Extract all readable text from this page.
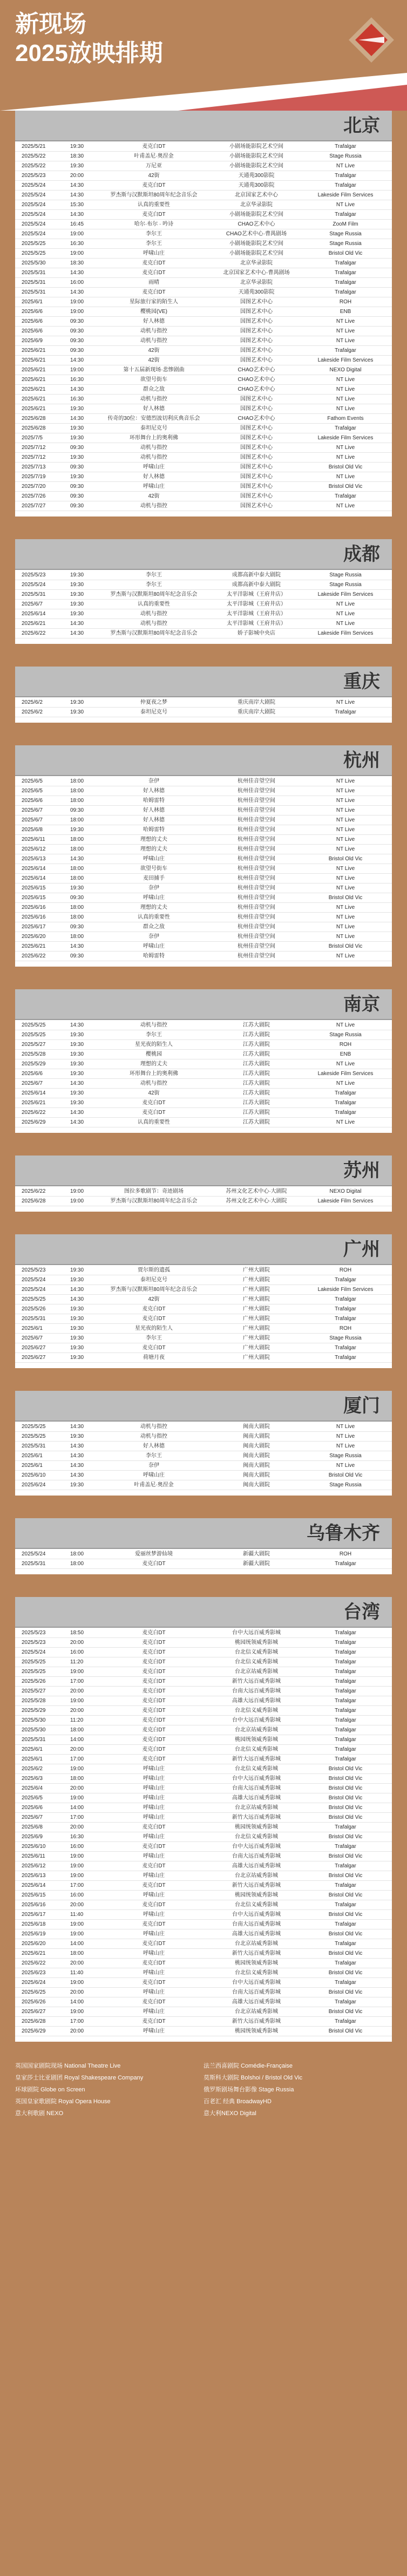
新现场
2025放映排期
北京
2025/5/21	19:30	麦克白DT	小剧场能影院艺术空间	Trafalgar
2025/5/22	18:30	叶甫盖尼·奥涅金	小剧场能影院艺术空间	Stage Russia
2025/5/22	19:30	万尼亚	小剧场能影院艺术空间	NT Live
2025/5/23	20:00	42街	天通苑300影院	Trafalgar
2025/5/24	14:30	麦克白DT	天通苑300影院	Trafalgar
2025/5/24	14:30	罗杰斯与汉默斯坦80周年纪念音乐会	北京国家艺术中心	Lakeside Film Services
2025/5/24	15:30	认真的重要性	北京华录影院	NT Live
2025/5/24	14:30	麦克白DT	小剧场能影院艺术空间	Trafalgar
2025/5/24	16:45	哈尔·布尔 · 吟诗	CHAO艺术中心	ZooM Film
2025/5/24	19:00	李尔王	CHAO艺术中心·曹禺剧场	Stage Russia
2025/5/25	16:30	李尔王	小剧场能影院艺术空间	Stage Russia
2025/5/25	19:00	呼啸山庄	小剧场能影院艺术空间	Bristol Old Vic
2025/5/30	18:30	麦克白DT	北京华录影院	Trafalgar
2025/5/31	14:30	麦克白DT	北京国家艺术中心·曹禺剧场	Trafalgar
2025/5/31	16:00	雨晴	北京华录影院	Trafalgar
2025/5/31	14:30	麦克白DT	天通苑300影院	Trafalgar
2025/6/1	19:00	星际旅行家的陌生人	国图艺术中心	ROH
2025/6/6	19:00	樱桃园(VE)	国图艺术中心	ENB
2025/6/6	09:30	好人林德	国图艺术中心	NT Live
2025/6/6	09:30	动机与指控	国图艺术中心	NT Live
2025/6/9	09:30	动机与指控	国图艺术中心	NT Live
2025/6/21	09:30	42街	国图艺术中心	Trafalgar
2025/6/21	14:30	42街	国图艺术中心	Lakeside Film Services
2025/6/21	19:00	第十五届新现场·悲惨剧曲	CHAO艺术中心	NEXO Digital
2025/6/21	16:30	欲望号街车	CHAO艺术中心	NT Live
2025/6/21	14:30	群众之敌	CHAO艺术中心	NT Live
2025/6/21	16:30	动机与指控	国图艺术中心	NT Live
2025/6/21	19:30	好人林德	国图艺术中心	NT Live
2025/6/28	14:30	传奇的30位：安德烈波切利庆典音乐会	CHAO艺术中心	Fathom Events
2025/6/28	19:30	泰坦尼克号	国图艺术中心	Trafalgar
2025/7/5	19:30	环形舞台上的奥利佛	国图艺术中心	Lakeside Film Services
2025/7/12	09:30	动机与指控	国图艺术中心	NT Live
2025/7/12	19:30	动机与指控	国图艺术中心	NT Live
2025/7/13	09:30	呼啸山庄	国图艺术中心	Bristol Old Vic
2025/7/19	19:30	好人林德	国图艺术中心	NT Live
2025/7/20	09:30	呼啸山庄	国图艺术中心	Bristol Old Vic
2025/7/26	09:30	42街	国图艺术中心	Trafalgar
2025/7/27	09:30	动机与指控	国图艺术中心	NT Live
成都
2025/5/23	19:30	李尔王	成都高新中泰大剧院	Stage Russia
2025/5/24	19:30	李尔王	成都高新中泰大剧院	Stage Russia
2025/5/31	19:30	罗杰斯与汉默斯坦80周年纪念音乐会	太平洋影城（王府井店）	Lakeside Film Services
2025/6/7	19:30	认真的重要性	太平洋影城（王府井店）	NT Live
2025/6/14	19:30	动机与指控	太平洋影城（王府井店）	NT Live
2025/6/21	14:30	动机与指控	太平洋影城（王府井店）	NT Live
2025/6/22	14:30	罗杰斯与汉默斯坦80周年纪念音乐会	娇子影城中央店	Lakeside Film Services
重庆
2025/6/2	19:30	仲夏夜之梦	重庆南岸大剧院	NT Live
2025/6/2	19:30	泰坦尼克号	重庆南岸大剧院	Trafalgar
杭州
2025/6/5	18:00	奈伊	杭州佳音望空间	NT Live
2025/6/5	18:00	好人林德	杭州佳音望空间	NT Live
2025/6/6	18:00	哈姆雷特	杭州佳音望空间	NT Live
2025/6/7	09:30	好人林德	杭州佳音望空间	NT Live
2025/6/7	18:00	好人林德	杭州佳音望空间	NT Live
2025/6/8	19:30	哈姆雷特	杭州佳音望空间	NT Live
2025/6/11	18:00	理想的丈夫	杭州佳音望空间	NT Live
2025/6/12	18:00	理想的丈夫	杭州佳音望空间	NT Live
2025/6/13	14:30	呼啸山庄	杭州佳音望空间	Bristol Old Vic
2025/6/14	18:00	欲望号街车	杭州佳音望空间	NT Live
2025/6/14	18:00	麦田捕手	杭州佳音望空间	NT Live
2025/6/15	19:30	奈伊	杭州佳音望空间	NT Live
2025/6/15	09:30	呼啸山庄	杭州佳音望空间	Bristol Old Vic
2025/6/16	18:00	理想的丈夫	杭州佳音望空间	NT Live
2025/6/16	18:00	认真的重要性	杭州佳音望空间	NT Live
2025/6/17	09:30	群众之敌	杭州佳音望空间	NT Live
2025/6/20	18:00	奈伊	杭州佳音望空间	NT Live
2025/6/21	14:30	呼啸山庄	杭州佳音望空间	Bristol Old Vic
2025/6/22	09:30	哈姆雷特	杭州佳音望空间	NT Live
南京
2025/5/25	14:30	动机与指控	江苏大剧院	NT Live
2025/5/25	19:30	李尔王	江苏大剧院	Stage Russia
2025/5/27	19:30	星光夜的陌生人	江苏大剧院	ROH
2025/5/28	19:30	樱桃园	江苏大剧院	ENB
2025/5/29	19:30	理想的丈夫	江苏大剧院	NT Live
2025/6/6	19:30	环形舞台上的奥利佛	江苏大剧院	Lakeside Film Services
2025/6/7	14:30	动机与指控	江苏大剧院	NT Live
2025/6/14	19:30	42街	江苏大剧院	Trafalgar
2025/6/21	19:30	麦克白DT	江苏大剧院	Trafalgar
2025/6/22	14:30	麦克白DT	江苏大剧院	Trafalgar
2025/6/29	14:30	认真的重要性	江苏大剧院	NT Live
苏州
2025/6/22	19:00	图拉多歌剧节：奇迹剧场	苏州文化艺术中心·大剧院	NEXO Digital
2025/6/28	19:00	罗杰斯与汉默斯坦80周年纪念音乐会	苏州文化艺术中心·大剧院	Lakeside Film Services
广州
2025/5/23	19:30	贾尔斯的遗孤	广州大剧院	ROH
2025/5/24	19:30	泰坦尼克号	广州大剧院	Trafalgar
2025/5/24	14:30	罗杰斯与汉默斯坦80周年纪念音乐会	广州大剧院	Lakeside Film Services
2025/5/25	14:30	42街	广州大剧院	Trafalgar
2025/5/26	19:30	麦克白DT	广州大剧院	Trafalgar
2025/5/31	19:30	麦克白DT	广州大剧院	Trafalgar
2025/6/1	19:30	星光夜的陌生人	广州大剧院	ROH
2025/6/7	19:30	李尔王	广州大剧院	Stage Russia
2025/6/27	19:30	麦克白DT	广州大剧院	Trafalgar
2025/6/27	19:30	荷塘月夜	广州大剧院	Trafalgar
厦门
2025/5/25	14:30	动机与指控	闽南大剧院	NT Live
2025/5/25	19:30	动机与指控	闽南大剧院	NT Live
2025/5/31	14:30	好人林德	闽南大剧院	NT Live
2025/6/1	14:30	李尔王	闽南大剧院	Stage Russia
2025/6/1	14:30	奈伊	闽南大剧院	NT Live
2025/6/10	14:30	呼啸山庄	闽南大剧院	Bristol Old Vic
2025/6/24	19:30	叶甫盖尼·奥涅金	闽南大剧院	Stage Russia
乌鲁木齐
2025/5/24	18:00	爱丽丝梦游仙境	新疆大剧院	ROH
2025/5/31	18:00	麦克白DT	新疆大剧院	Trafalgar
台湾
2025/5/23	18:50	麦克白DT	台中大远百威秀影城	Trafalgar
2025/5/23	20:00	麦克白DT	桃园统领威秀影城	Trafalgar
2025/5/24	16:00	麦克白DT	台北信义威秀影城	Trafalgar
2025/5/25	11:20	麦克白DT	台北信义威秀影城	Trafalgar
2025/5/25	19:00	麦克白DT	台北京站威秀影城	Trafalgar
2025/5/26	17:00	麦克白DT	新竹大远百威秀影城	Trafalgar
2025/5/27	20:00	麦克白DT	台南大远百威秀影城	Trafalgar
2025/5/28	19:00	麦克白DT	高雄大远百威秀影城	Trafalgar
2025/5/29	20:00	麦克白DT	台北信义威秀影城	Trafalgar
2025/5/30	11:20	麦克白DT	台中大远百威秀影城	Trafalgar
2025/5/30	18:00	麦克白DT	台北京站威秀影城	Trafalgar
2025/5/31	14:00	麦克白DT	桃园统领威秀影城	Trafalgar
2025/6/1	20:00	麦克白DT	台北信义威秀影城	Trafalgar
2025/6/1	17:00	麦克白DT	新竹大远百威秀影城	Trafalgar
2025/6/2	19:00	呼啸山庄	台北信义威秀影城	Bristol Old Vic
2025/6/3	18:00	呼啸山庄	台中大远百威秀影城	Bristol Old Vic
2025/6/4	20:00	呼啸山庄	台南大远百威秀影城	Bristol Old Vic
2025/6/5	19:00	呼啸山庄	高雄大远百威秀影城	Bristol Old Vic
2025/6/6	14:00	呼啸山庄	台北京站威秀影城	Bristol Old Vic
2025/6/7	17:00	呼啸山庄	新竹大远百威秀影城	Bristol Old Vic
2025/6/8	20:00	麦克白DT	桃园统领威秀影城	Trafalgar
2025/6/9	16:30	呼啸山庄	台北信义威秀影城	Bristol Old Vic
2025/6/10	16:00	麦克白DT	台中大远百威秀影城	Trafalgar
2025/6/11	19:00	呼啸山庄	台南大远百威秀影城	Bristol Old Vic
2025/6/12	19:00	麦克白DT	高雄大远百威秀影城	Trafalgar
2025/6/13	19:00	呼啸山庄	台北京站威秀影城	Bristol Old Vic
2025/6/14	17:00	麦克白DT	新竹大远百威秀影城	Trafalgar
2025/6/15	16:00	呼啸山庄	桃园统领威秀影城	Bristol Old Vic
2025/6/16	20:00	麦克白DT	台北信义威秀影城	Trafalgar
2025/6/17	11:40	呼啸山庄	台中大远百威秀影城	Bristol Old Vic
2025/6/18	19:00	麦克白DT	台南大远百威秀影城	Trafalgar
2025/6/19	19:00	呼啸山庄	高雄大远百威秀影城	Bristol Old Vic
2025/6/20	14:00	麦克白DT	台北京站威秀影城	Trafalgar
2025/6/21	18:00	呼啸山庄	新竹大远百威秀影城	Bristol Old Vic
2025/6/22	20:00	麦克白DT	桃园统领威秀影城	Trafalgar
2025/6/23	11:40	呼啸山庄	台北信义威秀影城	Bristol Old Vic
2025/6/24	19:00	麦克白DT	台中大远百威秀影城	Trafalgar
2025/6/25	20:00	呼啸山庄	台南大远百威秀影城	Bristol Old Vic
2025/6/26	14:00	麦克白DT	高雄大远百威秀影城	Trafalgar
2025/6/27	19:00	呼啸山庄	台北京站威秀影城	Bristol Old Vic
2025/6/28	17:00	麦克白DT	新竹大远百威秀影城	Trafalgar
2025/6/29	20:00	呼啸山庄	桃园统领威秀影城	Bristol Old Vic
英国国家剧院现场 National Theatre Live
皇家莎士比亚剧团 Royal Shakespeare Company
环球剧院 Globe on Screen
英国皇家歌剧院 Royal Opera House
意大利歌剧 NEXO
法兰西喜剧院 Comédie-Française
莫斯科大剧院 Bolshoi / Bristol Old Vic
俄罗斯剧场舞台影像 Stage Russia
百老汇 经典 BroadwayHD
意大利NEXO Digital
